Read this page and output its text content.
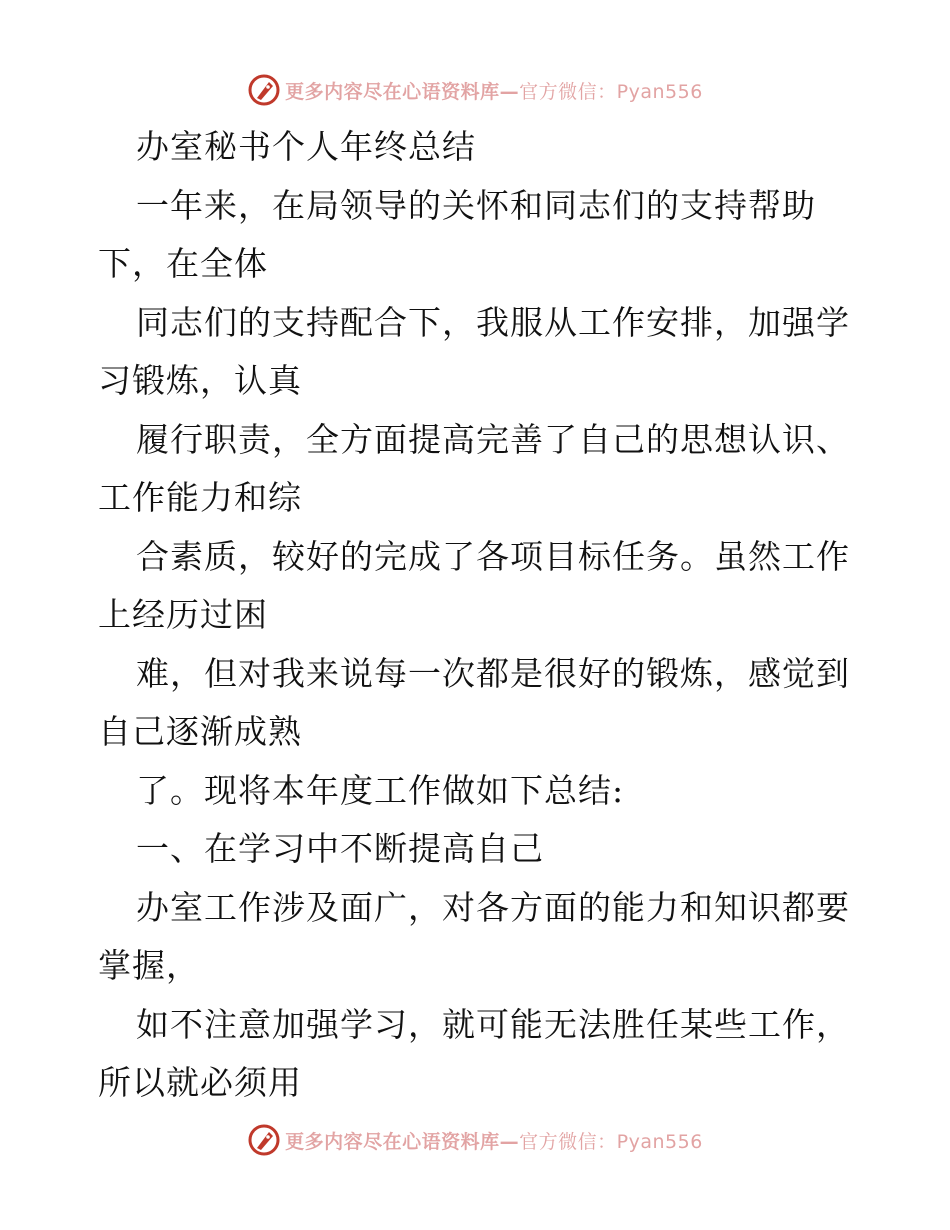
更多内容尽在心语资料库—官方微信：Pyan556

办室秘书个人年终总结

一年来，在局领导的关怀和同志们的支持帮助下，在全体

同志们的支持配合下，我服从工作安排，加强学习锻炼，认真

履行职责，全方面提高完善了自己的思想认识、工作能力和综

合素质，较好的完成了各项目标任务。虽然工作上经历过困

难，但对我来说每一次都是很好的锻炼，感觉到自己逐渐成熟

了。现将本年度工作做如下总结:

一、在学习中不断提高自己

办室工作涉及面广，对各方面的能力和知识都要掌握，

如不注意加强学习，就可能无法胜任某些工作，所以就必须用

更多内容尽在心语资料库—官方微信：Pyan556
